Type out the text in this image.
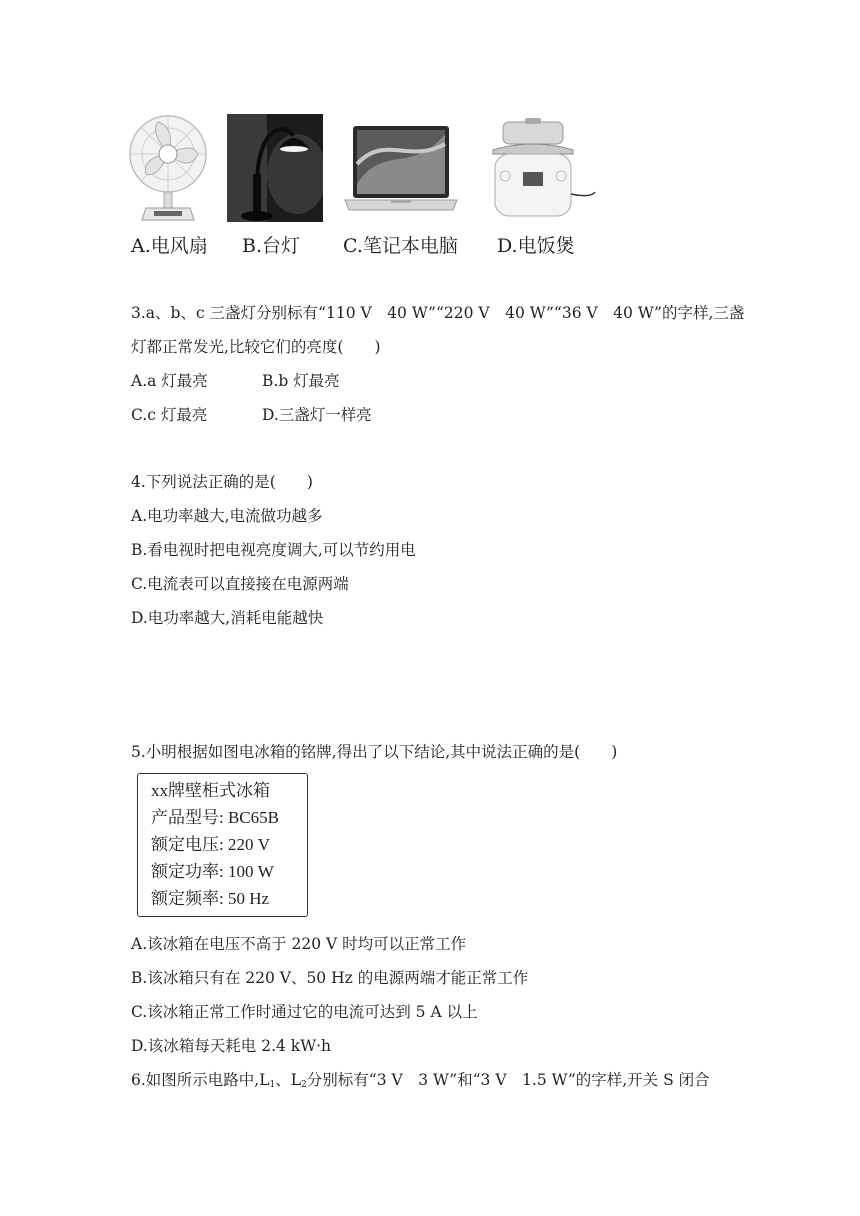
A.电风扇 B.台灯 C.笔记本电脑 D.电饭煲
3.a、b、c 三盏灯分别标有“110 V　40 W”“220 V　40 W”“36 V　40 W”的字样,三盏
灯都正常发光,比较它们的亮度(　　)
A.a 灯最亮	B.b 灯最亮
C.c 灯最亮	D.三盏灯一样亮
4.下列说法正确的是(　　)
A.电功率越大,电流做功越多
B.看电视时把电视亮度调大,可以节约用电
C.电流表可以直接接在电源两端
D.电功率越大,消耗电能越快
5.小明根据如图电冰箱的铭牌,得出了以下结论,其中说法正确的是(　　)
xx牌壁柜式冰箱
产品型号: BC65B
额定电压: 220 V
额定功率: 100 W
额定频率: 50 Hz
A.该冰箱在电压不高于 220 V 时均可以正常工作
B.该冰箱只有在 220 V、50 Hz 的电源两端才能正常工作
C.该冰箱正常工作时通过它的电流可达到 5 A 以上
D.该冰箱每天耗电 2.4 kW·h
6.如图所示电路中$,L_1$、$L_2$分别标有“3 V　3 W”和“3 V　1.5 W”的字样,开关 S 闭合
